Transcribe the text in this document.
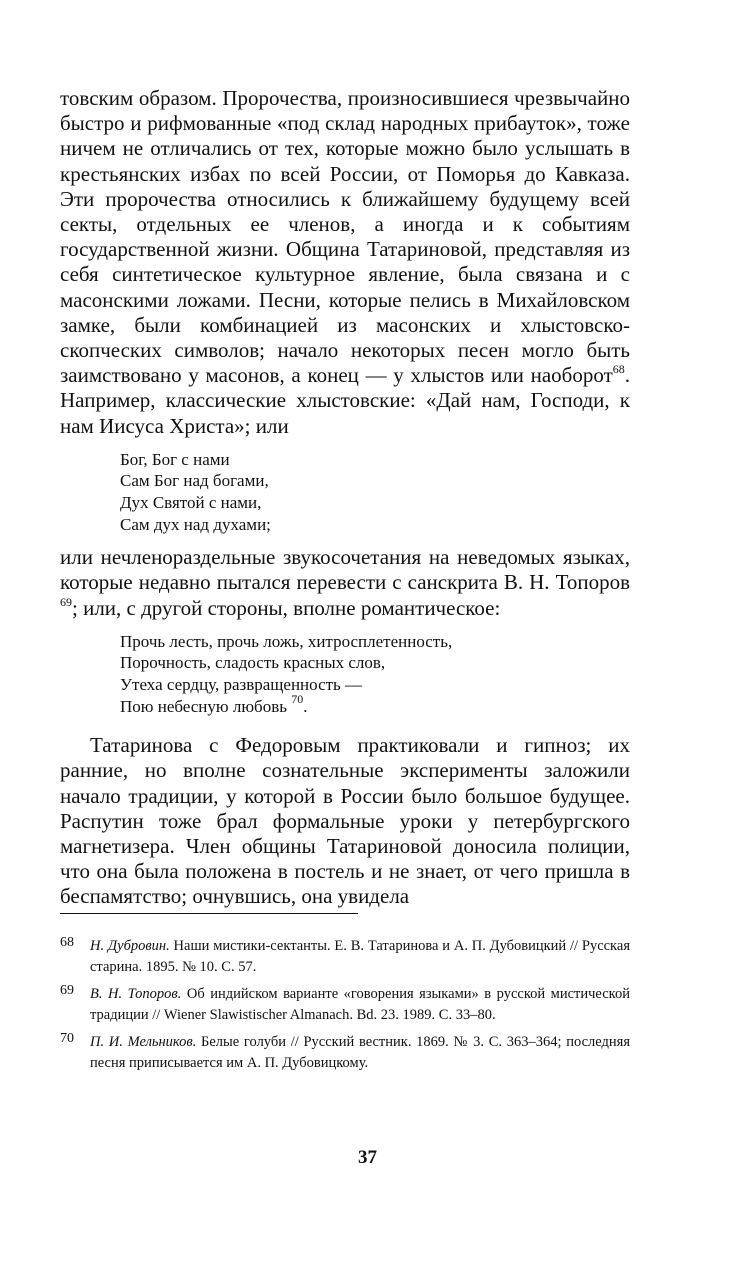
товским образом. Пророчества, произносившиеся чрезвычайно быстро и рифмованные «под склад народных прибауток», тоже ничем не отличались от тех, которые можно было услышать в крестьянских избах по всей России, от Поморья до Кавказа. Эти пророчества относились к ближайшему будущему всей секты, отдельных ее членов, а иногда и к событиям государственной жизни. Община Татариновой, представляя из себя синтетическое культурное явление, была связана и с масонскими ложами. Песни, которые пелись в Михайловском замке, были комбинацией из масонских и хлыстовско-скопческих символов; начало некоторых песен могло быть заимствовано у масонов, а конец — у хлыстов или наоборот$^{68}$. Например, классические хлыстовские: «Дай нам, Господи, к нам Иисуса Христа»; или

Бог, Бог с нами
Сам Бог над богами,
Дух Святой с нами,
Сам дух над духами;

или нечленораздельные звукосочетания на неведомых языках, которые недавно пытался перевести с санскрита В. Н. Топоров $^{69}$; или, с другой стороны, вполне романтическое:

Прочь лесть, прочь ложь, хитросплетенность,
Порочность, сладость красных слов,
Утеха сердцу, развращенность —
Пою небесную любовь $^{70}$.

Татаринова с Федоровым практиковали и гипноз; их ранние, но вполне сознательные эксперименты заложили начало традиции, у которой в России было большое будущее. Распутин тоже брал формальные уроки у петербургского магнетизера. Член общины Татариновой доносила полиции, что она была положена в постель и не знает, от чего пришла в беспамятство; очнувшись, она увидела

68 Н. Дубровин. Наши мистики-сектанты. Е. В. Татаринова и А. П. Дубовицкий // Русская старина. 1895. № 10. С. 57.

69 В. Н. Топоров. Об индийском варианте «говорения языками» в русской мистической традиции // Wiener Slawistischer Almanach. Bd. 23. 1989. С. 33–80.

70 П. И. Мельников. Белые голуби // Русский вестник. 1869. № 3. С. 363–364; последняя песня приписывается им А. П. Дубовицкому.

37
